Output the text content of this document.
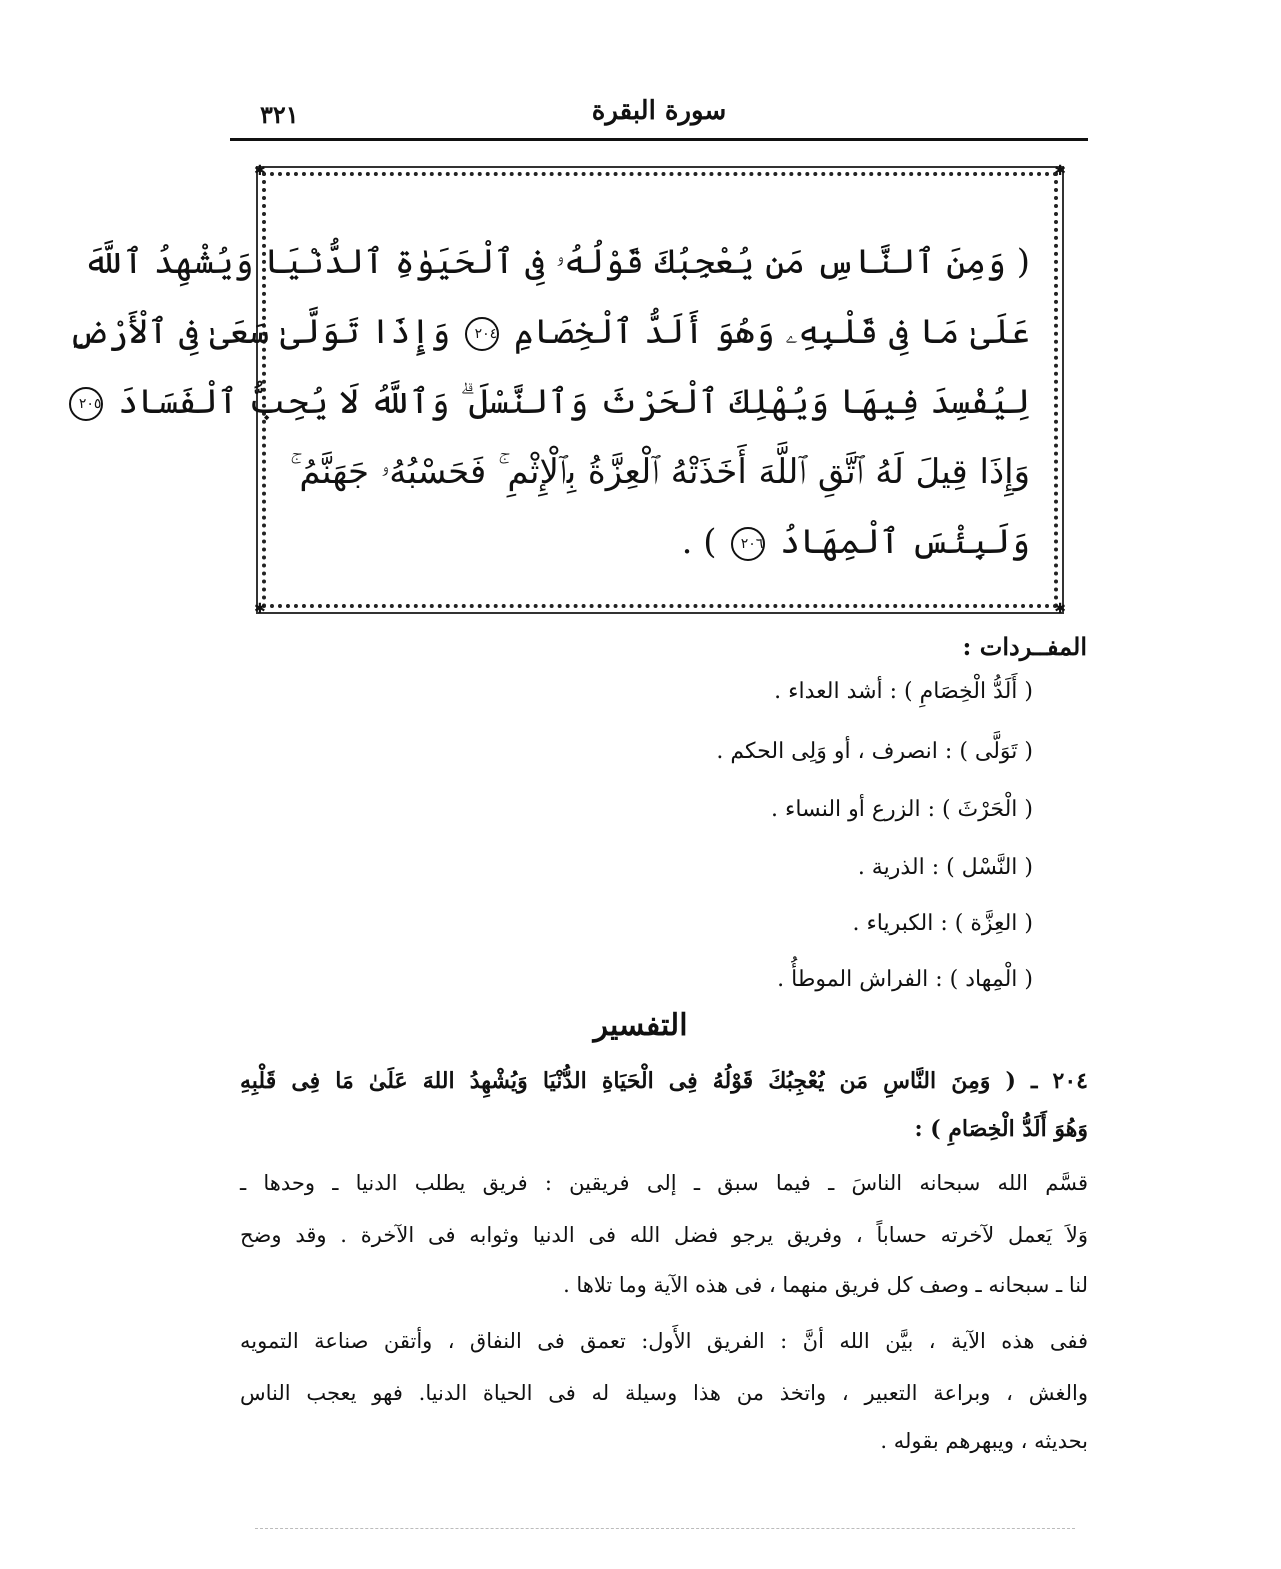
٣٢١	سورة البقرة
✱	✱
✱	✱
( وَمِنَ ٱلنَّاسِ مَن يُعْجِبُكَ قَوْلُهُۥ فِى ٱلْحَيَوٰةِ ٱلدُّنْيَا وَيُشْهِدُ ٱللَّهَ
عَلَىٰ مَا فِى قَلْبِهِۦ وَهُوَ أَلَدُّ ٱلْخِصَامِ ٢٠٤ وَإِذَا تَوَلَّىٰ سَعَىٰ فِى ٱلْأَرْضِ
لِيُفْسِدَ فِيهَا وَيُهْلِكَ ٱلْحَرْثَ وَٱلنَّسْلَ ۗ وَٱللَّهُ لَا يُحِبُّ ٱلْفَسَادَ ٢٠٥
وَإِذَا قِيلَ لَهُ ٱتَّقِ ٱللَّهَ أَخَذَتْهُ ٱلْعِزَّةُ بِٱلْإِثْمِ ۚ فَحَسْبُهُۥ جَهَنَّمُ ۚ
وَلَبِئْسَ ٱلْمِهَادُ ٢٠٦ ) .
المفــردات :
( أَلَدُّ الْخِصَامِ ) : أشد العداء .
( تَوَلَّى ) : انصرف ، أو وَلِى الحكم .
( الْحَرْثَ ) : الزرع أو النساء .
( النَّسْل ) : الذرية .
( العِزَّة ) : الكبرياء .
( الْمِهاد ) : الفراش الموطأُ .
التفسير
٢٠٤ ـ ( وَمِنَ النَّاسِ مَن يُعْجِبُكَ قَوْلُهُ فِى الْحَيَاةِ الدُّنْيَا وَيُشْهِدُ اللهَ عَلَىٰ مَا فِى قَلْبِهِ
وَهُوَ أَلَدُّ الْخِصَامِ ) :
قسَّم الله سبحانه الناسَ ـ فيما سبق ـ إلى فريقين : فريق يطلب الدنيا ـ وحدها ـ
وَلاَ يَعمل لآخرته حساباً ، وفريق يرجو فضل الله فى الدنيا وثوابه فى الآخرة . وقد وضح
لنا ـ سبحانه ـ وصف كل فريق منهما ، فى هذه الآية وما تلاها .
ففى هذه الآية ، بيَّن الله أنَّ : الفريق الأَول: تعمق فى النفاق ، وأتقن صناعة التمويه
والغش ، وبراعة التعبير ، واتخذ من هذا وسيلة له فى الحياة الدنيا. فهو يعجب الناس
بحديثه ، ويبهرهم بقوله .
